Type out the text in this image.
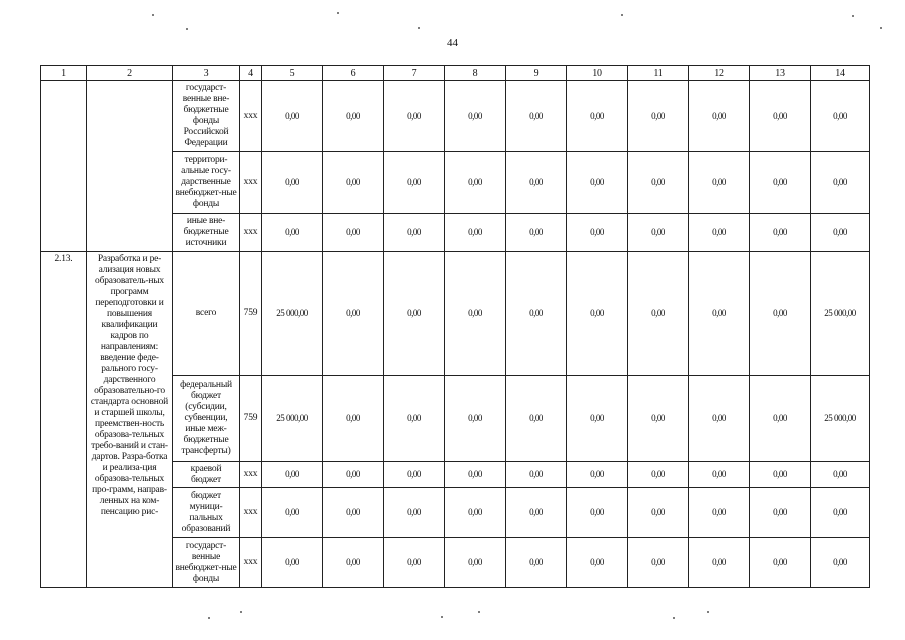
44
1	2	3	4	5	6	7	8	9	10	11	12	13	14
		государст-венные вне-бюджетные фонды Российской Федерации	xxx	0,00	0,00	0,00	0,00	0,00	0,00	0,00	0,00	0,00	0,00
		территори-альные госу-дарственные внебюджет-ные фонды	xxx	0,00	0,00	0,00	0,00	0,00	0,00	0,00	0,00	0,00	0,00
		иные вне-бюджетные источники	xxx	0,00	0,00	0,00	0,00	0,00	0,00	0,00	0,00	0,00	0,00
2.13.	Разработка и ре-ализация новых образователь-ных программ переподготовки и повышения квалификации кадров по направлениям: введение феде-рального госу-дарственного образовательно-го стандарта основной и старшей школы, преемствен-ность образова-тельных требо-ваний и стан-дартов. Разра-ботка и реализа-ция образова-тельных про-грамм, направ-ленных на ком-пенсацию рис-	всего	759	25 000,00	0,00	0,00	0,00	0,00	0,00	0,00	0,00	0,00	25 000,00
		федеральный бюджет (субсидии, субвенции, иные меж-бюджетные трансферты)	759	25 000,00	0,00	0,00	0,00	0,00	0,00	0,00	0,00	0,00	25 000,00
		краевой бюджет	xxx	0,00	0,00	0,00	0,00	0,00	0,00	0,00	0,00	0,00	0,00
		бюджет муници-пальных образований	xxx	0,00	0,00	0,00	0,00	0,00	0,00	0,00	0,00	0,00	0,00
		государст-венные внебюджет-ные фонды	xxx	0,00	0,00	0,00	0,00	0,00	0,00	0,00	0,00	0,00	0,00
